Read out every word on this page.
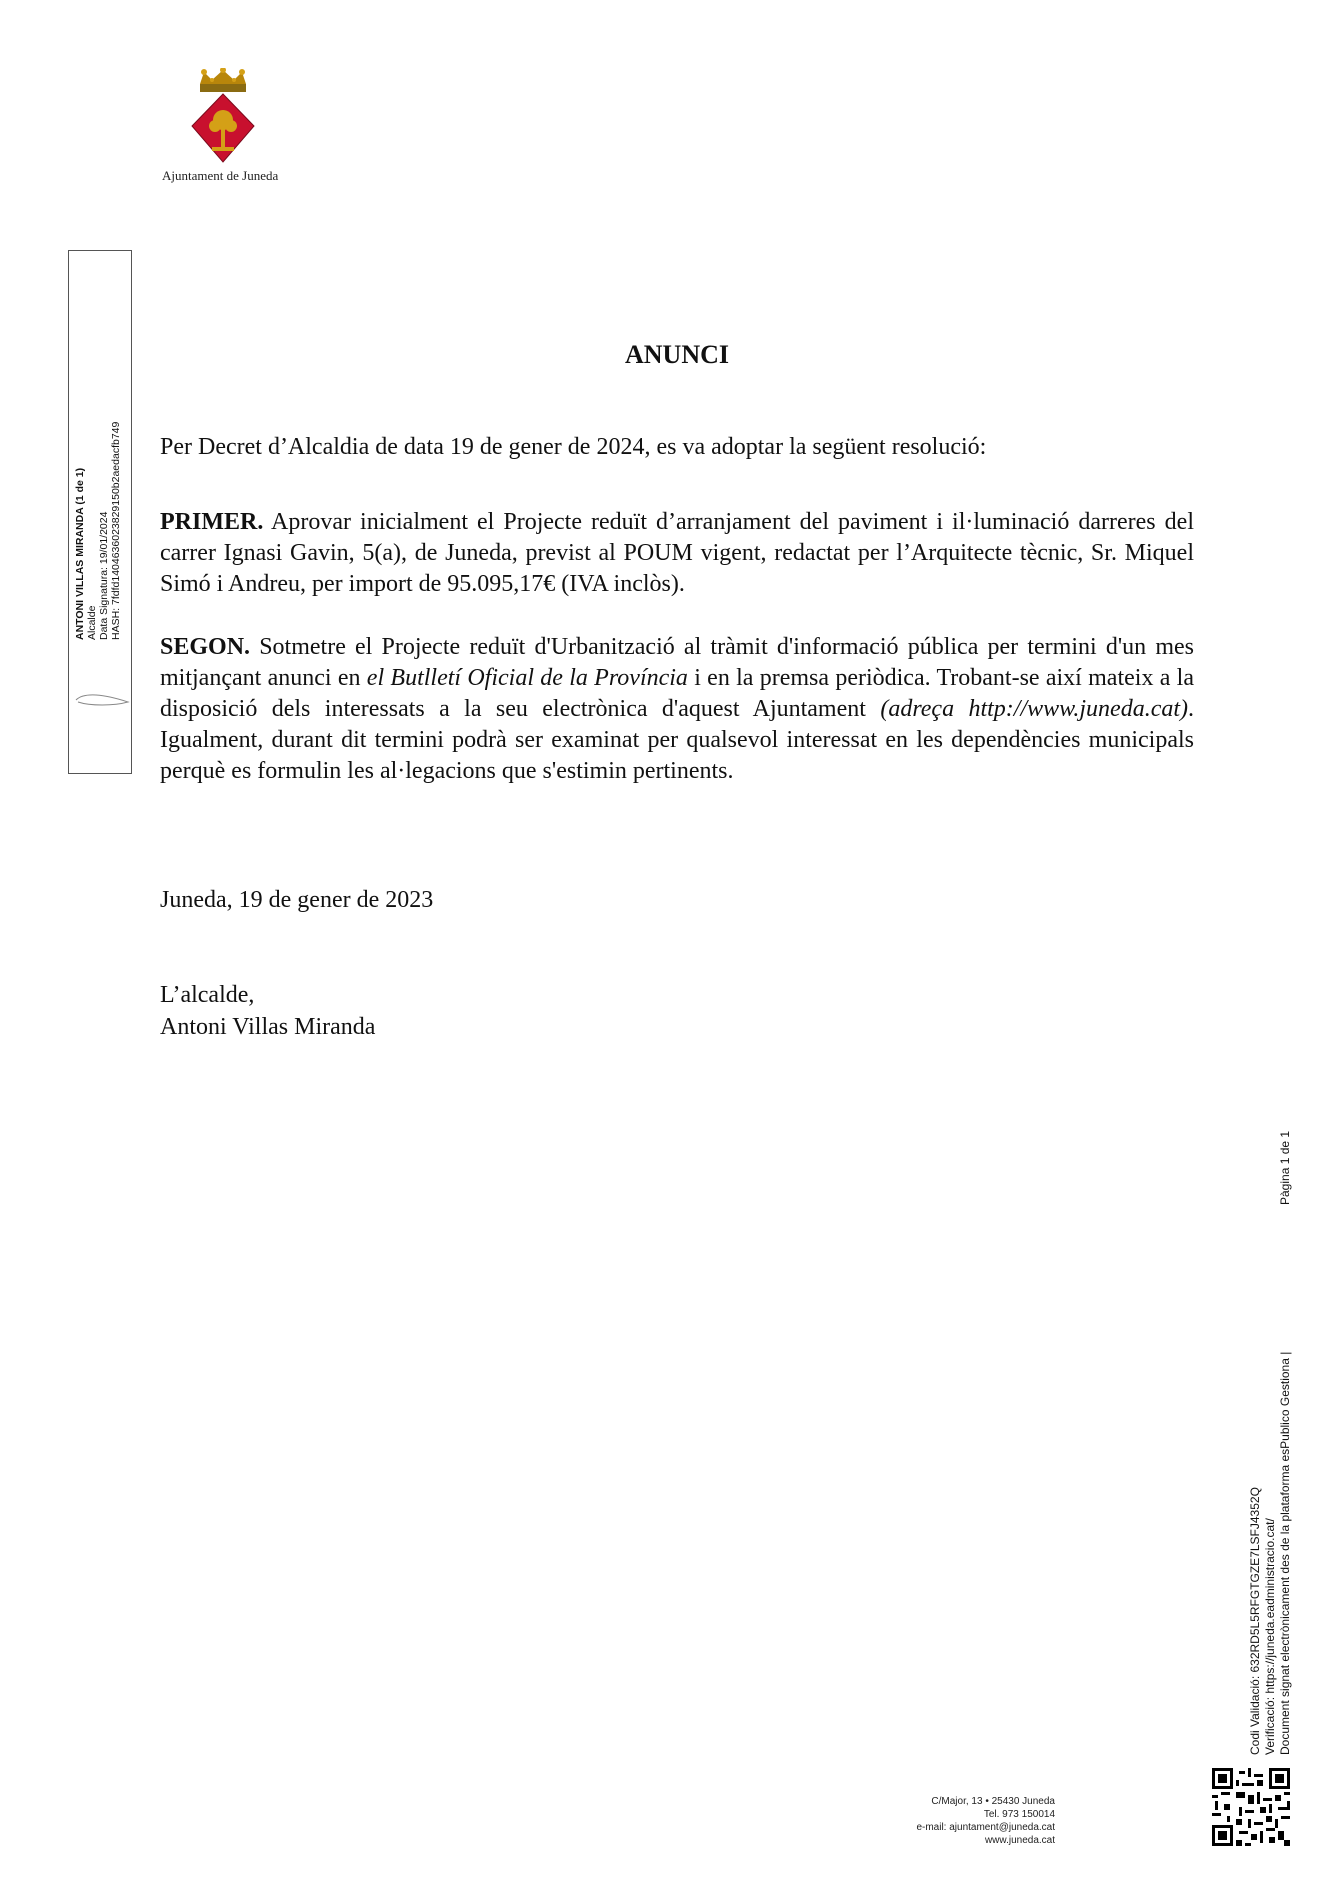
Ajuntament de Juneda
ANTONI VILLAS MIRANDA (1 de 1) Alcalde Data Signatura: 19/01/2024 HASH: 7fdfd1404636023829150b2aedacfb749
ANUNCI
Per Decret d’Alcaldia de data 19 de gener de 2024, es va adoptar la següent resolució:
PRIMER. Aprovar inicialment el Projecte reduït d’arranjament del paviment i il·luminació darreres del carrer Ignasi Gavin, 5(a), de Juneda, previst al POUM vigent, redactat per l’Arquitecte tècnic, Sr. Miquel Simó i Andreu, per import de 95.095,17€ (IVA inclòs).
SEGON. Sotmetre el Projecte reduït d'Urbanització al tràmit d'informació pública per termini d'un mes mitjançant anunci en el Butlletí Oficial de la Província i en la premsa periòdica. Trobant-se així mateix a la disposició dels interessats a la seu electrònica d'aquest Ajuntament (adreça http://www.juneda.cat). Igualment, durant dit termini podrà ser examinat per qualsevol interessat en les dependències municipals perquè es formulin les al·legacions que s'estimin pertinents.
Juneda, 19 de gener de 2023
L’alcalde,
Antoni Villas Miranda
C/Major, 13 • 25430 Juneda
Tel. 973 150014
e-mail: ajuntament@juneda.cat
www.juneda.cat
Codi Validació: 632RD5L5RFGTGZE7LSFJ4352Q Verificació: https://juneda.eadministracio.cat/ Document signat electrònicament des de la plataforma esPublico Gestiona |
Pàgina 1 de 1
